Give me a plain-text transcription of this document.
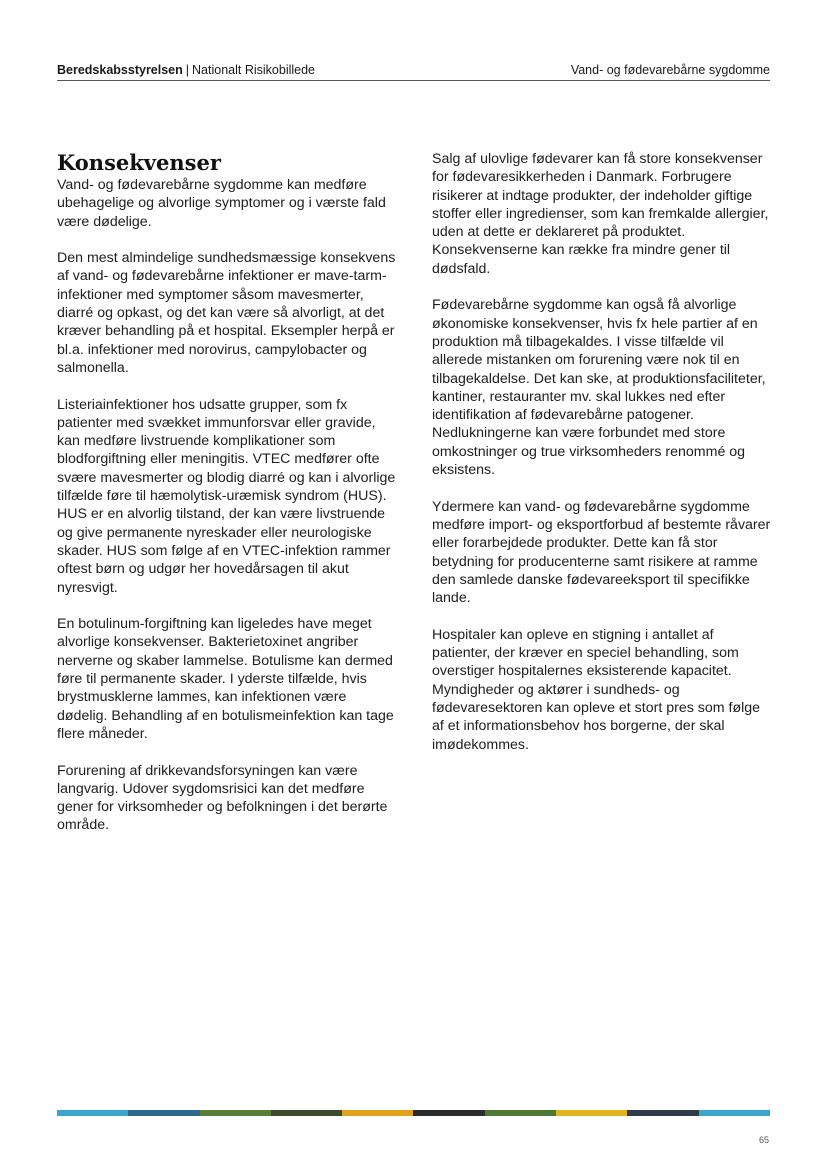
Beredskabsstyrelsen | Nationalt Risikobillede	Vand- og fødevarebårne sygdomme
Konsekvenser

Vand- og fødevarebårne sygdomme kan medføre ubehagelige og alvorlige symptomer og i værste fald være dødelige.

Den mest almindelige sundhedsmæssige konsekvens af vand- og fødevarebårne infektioner er mave-tarm-infektioner med symptomer såsom mavesmerter, diarré og opkast, og det kan være så alvorligt, at det kræver behandling på et hospital. Eksempler herpå er bl.a. infektioner med norovirus, campylobacter og salmonella.

Listeriainfektioner hos udsatte grupper, som fx patienter med svækket immunforsvar eller gravide, kan medføre livstruende komplikationer som blodforgiftning eller meningitis. VTEC medfører ofte svære mavesmerter og blodig diarré og kan i alvorlige tilfælde føre til hæmolytisk-uræmisk syndrom (HUS). HUS er en alvorlig tilstand, der kan være livstruende og give permanente nyreskader eller neurologiske skader. HUS som følge af en VTEC-infektion rammer oftest børn og udgør her hovedårsagen til akut nyresvigt.

En botulinum-forgiftning kan ligeledes have meget alvorlige konsekvenser. Bakterietoxinet angriber nerverne og skaber lammelse. Botulisme kan dermed føre til permanente skader. I yderste tilfælde, hvis brystmusklerne lammes, kan infektionen være dødelig. Behandling af en botulismeinfektion kan tage flere måneder.

Forurening af drikkevandsforsyningen kan være langvarig. Udover sygdomsrisici kan det medføre gener for virksomheder og befolkningen i det berørte område.

Salg af ulovlige fødevarer kan få store konsekvenser for fødevaresikkerheden i Danmark. Forbrugere risikerer at indtage produkter, der indeholder giftige stoffer eller ingredienser, som kan fremkalde allergier, uden at dette er deklareret på produktet. Konsekvenserne kan række fra mindre gener til dødsfald.

Fødevarebårne sygdomme kan også få alvorlige økonomiske konsekvenser, hvis fx hele partier af en produktion må tilbagekaldes. I visse tilfælde vil allerede mistanken om forurening være nok til en tilbagekaldelse. Det kan ske, at produktionsfaciliteter, kantiner, restauranter mv. skal lukkes ned efter identifikation af fødevarebårne patogener. Nedlukningerne kan være forbundet med store omkostninger og true virksomheders renommé og eksistens.

Ydermere kan vand- og fødevarebårne sygdomme medføre import- og eksportforbud af bestemte råvarer eller forarbejdede produkter. Dette kan få stor betydning for producenterne samt risikere at ramme den samlede danske fødevareeksport til specifikke lande.

Hospitaler kan opleve en stigning i antallet af patienter, der kræver en speciel behandling, som overstiger hospitalernes eksisterende kapacitet. Myndigheder og aktører i sundheds- og fødevaresektoren kan opleve et stort pres som følge af et informationsbehov hos borgerne, der skal imødekommes.

65
